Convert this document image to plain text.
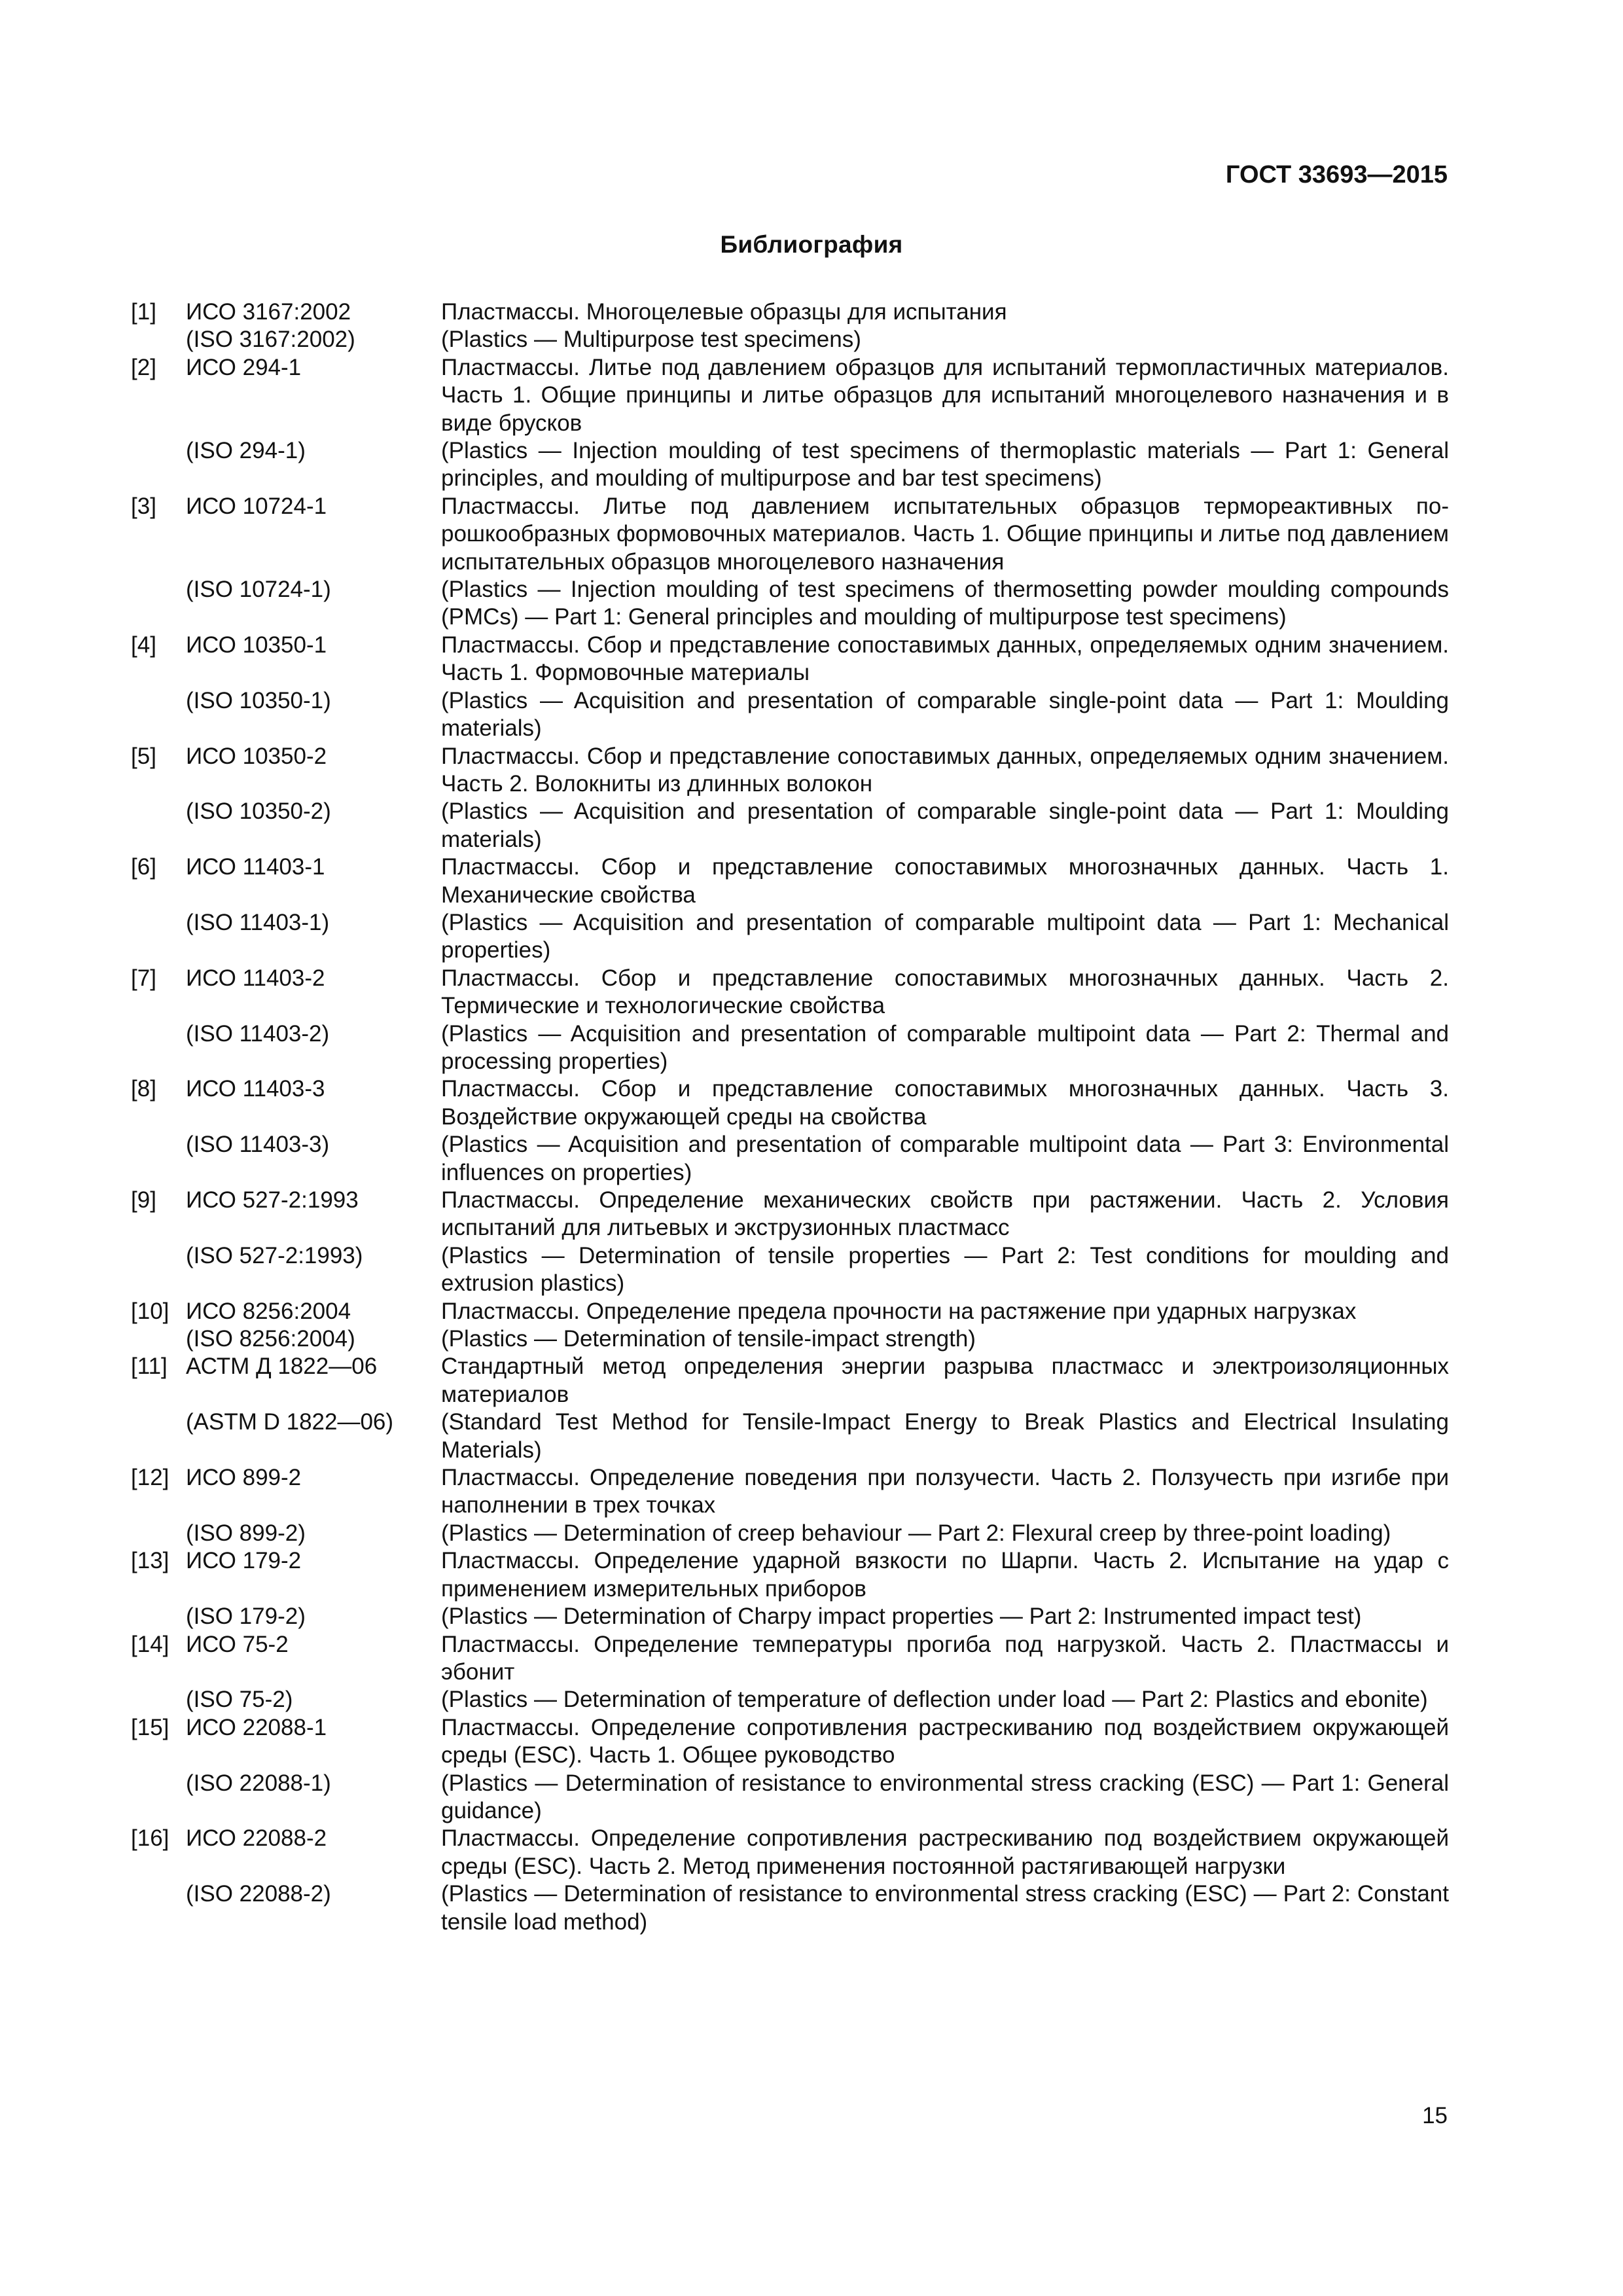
ГОСТ 33693—2015
Библиография
[1]	ИСО 3167:2002	Пластмассы. Многоцелевые образцы для испытания
(ISO 3167:2002)	(Plastics — Multipurpose test specimens)
[2]	ИСО 294-1	Пластмассы. Литье под давлением образцов для испытаний термопластичных материалов. Часть 1. Общие принципы и литье образцов для испытаний многоцелевого назначения и в виде брусков
(ISO 294-1)	(Plastics — Injection moulding of test specimens of thermoplastic materials — Part 1: General principles, and moulding of multipurpose and bar test specimens)
[3]	ИСО 10724-1	Пластмассы. Литье под давлением испытательных образцов термореактивных порошкообразных формовочных материалов. Часть 1. Общие принципы и литье под давлением испытательных образцов многоцелевого назначения
(ISO 10724-1)	(Plastics — Injection moulding of test specimens of thermosetting powder moulding compounds (PMCs) — Part 1: General principles and moulding of multipurpose test specimens)
[4]	ИСО 10350-1	Пластмассы. Сбор и представление сопоставимых данных, определяемых одним значением. Часть 1. Формовочные материалы
(ISO 10350-1)	(Plastics — Acquisition and presentation of comparable single-point data — Part 1: Moulding materials)
[5]	ИСО 10350-2	Пластмассы. Сбор и представление сопоставимых данных, определяемых одним значением. Часть 2. Волокниты из длинных волокон
(ISO 10350-2)	(Plastics — Acquisition and presentation of comparable single-point data — Part 1: Moulding materials)
[6]	ИСО 11403-1	Пластмассы. Сбор и представление сопоставимых многозначных данных. Часть 1. Механические свойства
(ISO 11403-1)	(Plastics — Acquisition and presentation of comparable multipoint data — Part 1: Mechanical properties)
[7]	ИСО 11403-2	Пластмассы. Сбор и представление сопоставимых многозначных данных. Часть 2. Термические и технологические свойства
(ISO 11403-2)	(Plastics — Acquisition and presentation of comparable multipoint data — Part 2: Thermal and processing properties)
[8]	ИСО 11403-3	Пластмассы. Сбор и представление сопоставимых многозначных данных. Часть 3. Воздействие окружающей среды на свойства
(ISO 11403-3)	(Plastics — Acquisition and presentation of comparable multipoint data — Part 3: Environmental influences on properties)
[9]	ИСО 527-2:1993	Пластмассы. Определение механических свойств при растяжении. Часть 2. Условия испытаний для литьевых и экструзионных пластмасс
(ISO 527-2:1993)	(Plastics — Determination of tensile properties — Part 2: Test conditions for moulding and extrusion plastics)
[10] ИСО 8256:2004	Пластмассы. Определение предела прочности на растяжение при ударных нагрузках
(ISO 8256:2004)	(Plastics — Determination of tensile-impact strength)
[11] АСТМ Д 1822—06	Стандартный метод определения энергии разрыва пластмасс и электроизоляционных материалов
(ASTM D 1822—06)	(Standard Test Method for Tensile-Impact Energy to Break Plastics and Electrical Insulating Materials)
[12] ИСО 899-2	Пластмассы. Определение поведения при ползучести. Часть 2. Ползучесть при изгибе при наполнении в трех точках
(ISO 899-2)	(Plastics — Determination of creep behaviour — Part 2: Flexural creep by three-point loading)
[13] ИСО 179-2	Пластмассы. Определение ударной вязкости по Шарпи. Часть 2. Испытание на удар с применением измерительных приборов
(ISO 179-2)	(Plastics — Determination of Charpy impact properties — Part 2: Instrumented impact test)
[14] ИСО 75-2	Пластмассы. Определение температуры прогиба под нагрузкой. Часть 2. Пластмассы и эбонит
(ISO 75-2)	(Plastics — Determination of temperature of deflection under load — Part 2: Plastics and ebonite)
[15] ИСО 22088-1	Пластмассы. Определение сопротивления растрескиванию под воздействием окружающей среды (ESC). Часть 1. Общее руководство
(ISO 22088-1)	(Plastics — Determination of resistance to environmental stress cracking (ESC) — Part 1: General guidance)
[16] ИСО 22088-2	Пластмассы. Определение сопротивления растрескиванию под воздействием окружающей среды (ESC). Часть 2. Метод применения постоянной растягивающей нагрузки
(ISO 22088-2)	(Plastics — Determination of resistance to environmental stress cracking (ESC) — Part 2: Constant tensile load method)
15
